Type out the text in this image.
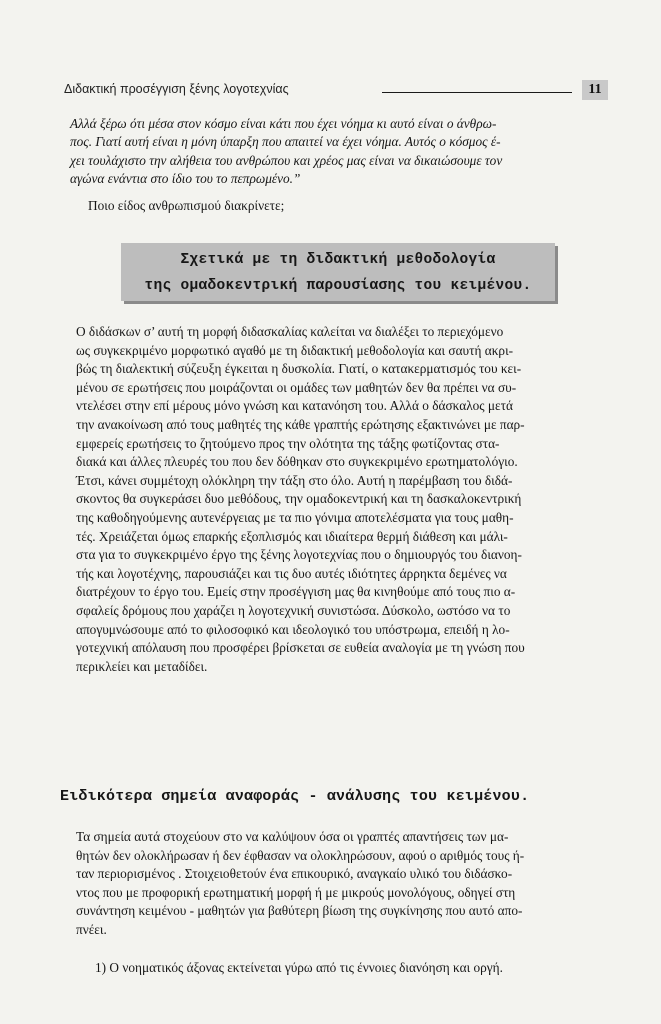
Διδακτική προσέγγιση ξένης λογοτεχνίας	11
Αλλά ξέρω ότι μέσα στον κόσμο είναι κάτι που έχει νόημα κι αυτό είναι ο άνθρω-
πος. Γιατί αυτή είναι η μόνη ύπαρξη που απαιτεί να έχει νόημα. Αυτός ο κόσμος έ-
χει τουλάχιστο την αλήθεια του ανθρώπου και χρέος μας είναι να δικαιώσουμε τον
αγώνα ενάντια στο ίδιο του το πεπρωμένο.”
Ποιο είδος ανθρωπισμού διακρίνετε;
Σχετικά με τη διδακτική μεθοδολογία
της ομαδοκεντρική παρουσίασης του κειμένου.
Ο διδάσκων σ’ αυτή τη μορφή διδασκαλίας καλείται να διαλέξει το περιεχόμενο
ως συγκεκριμένο μορφωτικό αγαθό με τη διδακτική μεθοδολογία και σαυτή ακρι-
βώς τη διαλεκτική σύζευξη έγκειται η δυσκολία. Γιατί, ο κατακερματισμός του κει-
μένου σε ερωτήσεις που μοιράζονται οι ομάδες των μαθητών δεν θα πρέπει να συ-
ντελέσει στην επί μέρους μόνο γνώση και κατανόηση του. Αλλά ο δάσκαλος μετά
την ανακοίνωση από τους μαθητές της κάθε γραπτής ερώτησης εξακτινώνει με παρ-
εμφερείς ερωτήσεις το ζητούμενο προς την ολότητα της τάξης φωτίζοντας στα-
διακά και άλλες πλευρές του που δεν δόθηκαν στο συγκεκριμένο ερωτηματολόγιο.
Έτσι, κάνει συμμέτοχη ολόκληρη την τάξη στο όλο. Αυτή η παρέμβαση του διδά-
σκοντος θα συγκεράσει δυο μεθόδους, την ομαδοκεντρική και τη δασκαλοκεντρική
της καθοδηγούμενης αυτενέργειας με τα πιο γόνιμα αποτελέσματα για τους μαθη-
τές. Χρειάζεται όμως επαρκής εξοπλισμός και ιδιαίτερα θερμή διάθεση και μάλι-
στα για το συγκεκριμένο έργο της ξένης λογοτεχνίας που ο δημιουργός του διανοη-
τής και λογοτέχνης, παρουσιάζει και τις δυο αυτές ιδιότητες άρρηκτα δεμένες να
διατρέχουν το έργο του. Εμείς στην προσέγγιση μας θα κινηθούμε από τους πιο α-
σφαλείς δρόμους που χαράζει η λογοτεχνική συνιστώσα. Δύσκολο, ωστόσο να το
απογυμνώσουμε από το φιλοσοφικό και ιδεολογικό του υπόστρωμα, επειδή η λο-
γοτεχνική απόλαυση που προσφέρει βρίσκεται σε ευθεία αναλογία με τη γνώση που
περικλείει και μεταδίδει.
Ειδικότερα σημεία αναφοράς - ανάλυσης του κειμένου.
Τα σημεία αυτά στοχεύουν στο να καλύψουν όσα οι γραπτές απαντήσεις των μα-
θητών δεν ολοκλήρωσαν ή δεν έφθασαν να ολοκληρώσουν, αφού ο αριθμός τους ή-
ταν περιορισμένος . Στοιχειοθετούν ένα επικουρικό, αναγκαίο υλικό του διδάσκο-
ντος που με προφορική ερωτηματική μορφή ή με μικρούς μονολόγους, οδηγεί στη
συνάντηση κειμένου - μαθητών για βαθύτερη βίωση της συγκίνησης που αυτό απο-
πνέει.
1) Ο νοηματικός άξονας εκτείνεται γύρω από τις έννοιες διανόηση και οργή.
